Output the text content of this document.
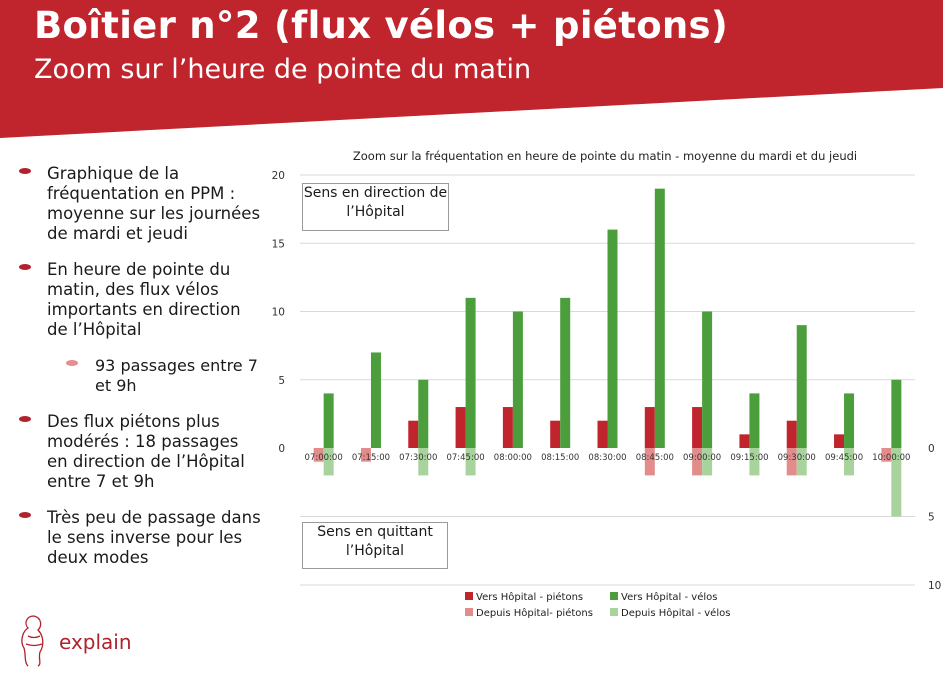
Boîtier n°2 (flux vélos + piétons)
Zoom sur l’heure de pointe du matin
Graphique de la fréquentation en PPM : moyenne sur les journées de mardi et jeudi
En heure de pointe du matin, des flux vélos importants en direction de l’Hôpital
93 passages entre 7 et 9h
Des flux piétons plus modérés : 18 passages en direction de l’Hôpital entre 7 et 9h
Très peu de passage dans le sens inverse pour les deux modes
Zoom sur la fréquentation en heure de pointe du matin - moyenne du mardi et du jeudi
0
5
10
15
20
0
5
10
07:00:00 07:15:00 07:30:00 07:45:00 08:00:00 08:15:00 08:30:00 08:45:00 09:00:00 09:15:00 09:30:00 09:45:00 10:00:00
Vers Hôpital - piétons	Vers Hôpital - vélos
Depuis Hôpital- piétons	Depuis Hôpital - vélos
Sens en direction de l’Hôpital
Sens en quittant l’Hôpital
explain
